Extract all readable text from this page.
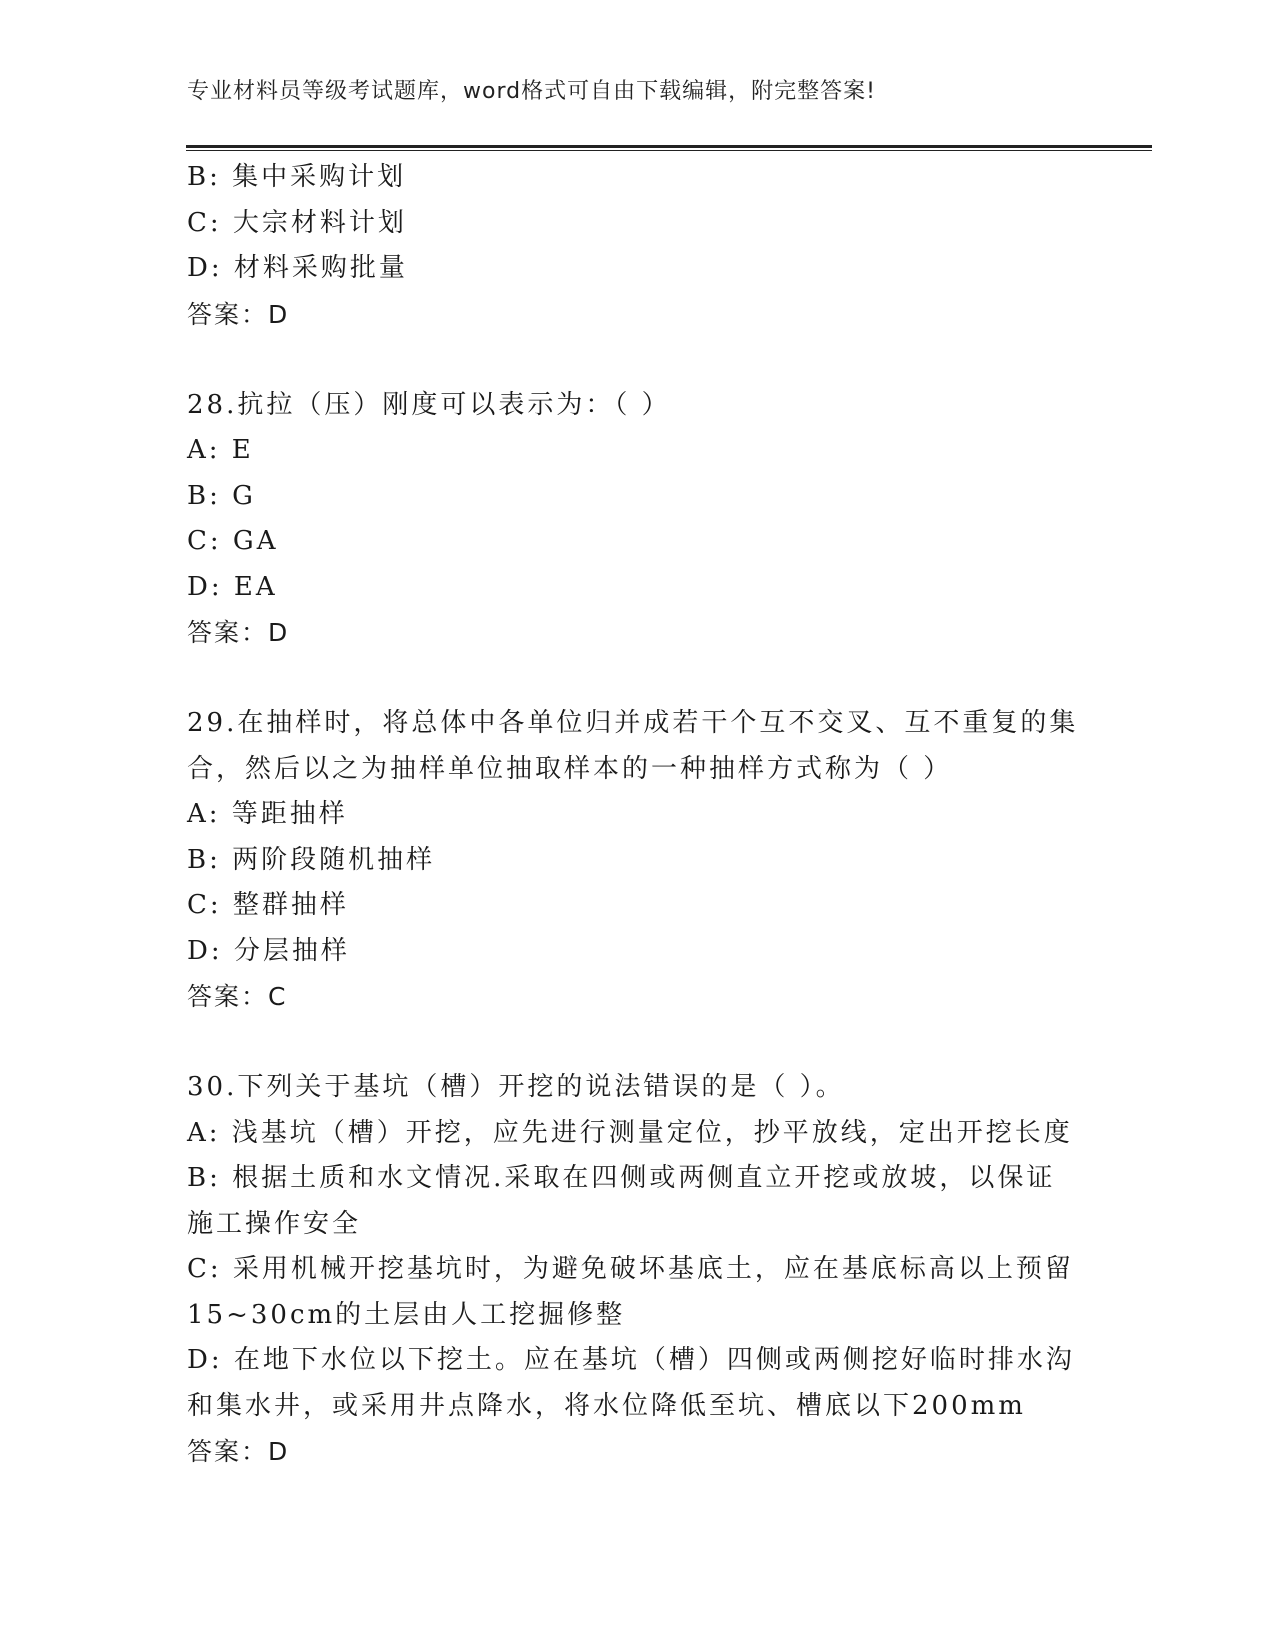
专业材料员等级考试题库，word格式可自由下载编辑，附完整答案!
B: 集中采购计划
C: 大宗材料计划
D: 材料采购批量
答案：D
28.抗拉（压）刚度可以表示为：（ ）
A: E
B: G
C: GA
D: EA
答案：D
29.在抽样时，将总体中各单位归并成若干个互不交叉、互不重复的集
合，然后以之为抽样单位抽取样本的一种抽样方式称为（ ）
A: 等距抽样
B: 两阶段随机抽样
C: 整群抽样
D: 分层抽样
答案：C
30.下列关于基坑（槽）开挖的说法错误的是（ ）。
A: 浅基坑（槽）开挖，应先进行测量定位，抄平放线，定出开挖长度
B: 根据土质和水文情况.采取在四侧或两侧直立开挖或放坡，以保证
施工操作安全
C: 采用机械开挖基坑时，为避免破坏基底土，应在基底标高以上预留
15~30cm的土层由人工挖掘修整
D: 在地下水位以下挖土。应在基坑（槽）四侧或两侧挖好临时排水沟
和集水井，或采用井点降水，将水位降低至坑、槽底以下200mm
答案：D
